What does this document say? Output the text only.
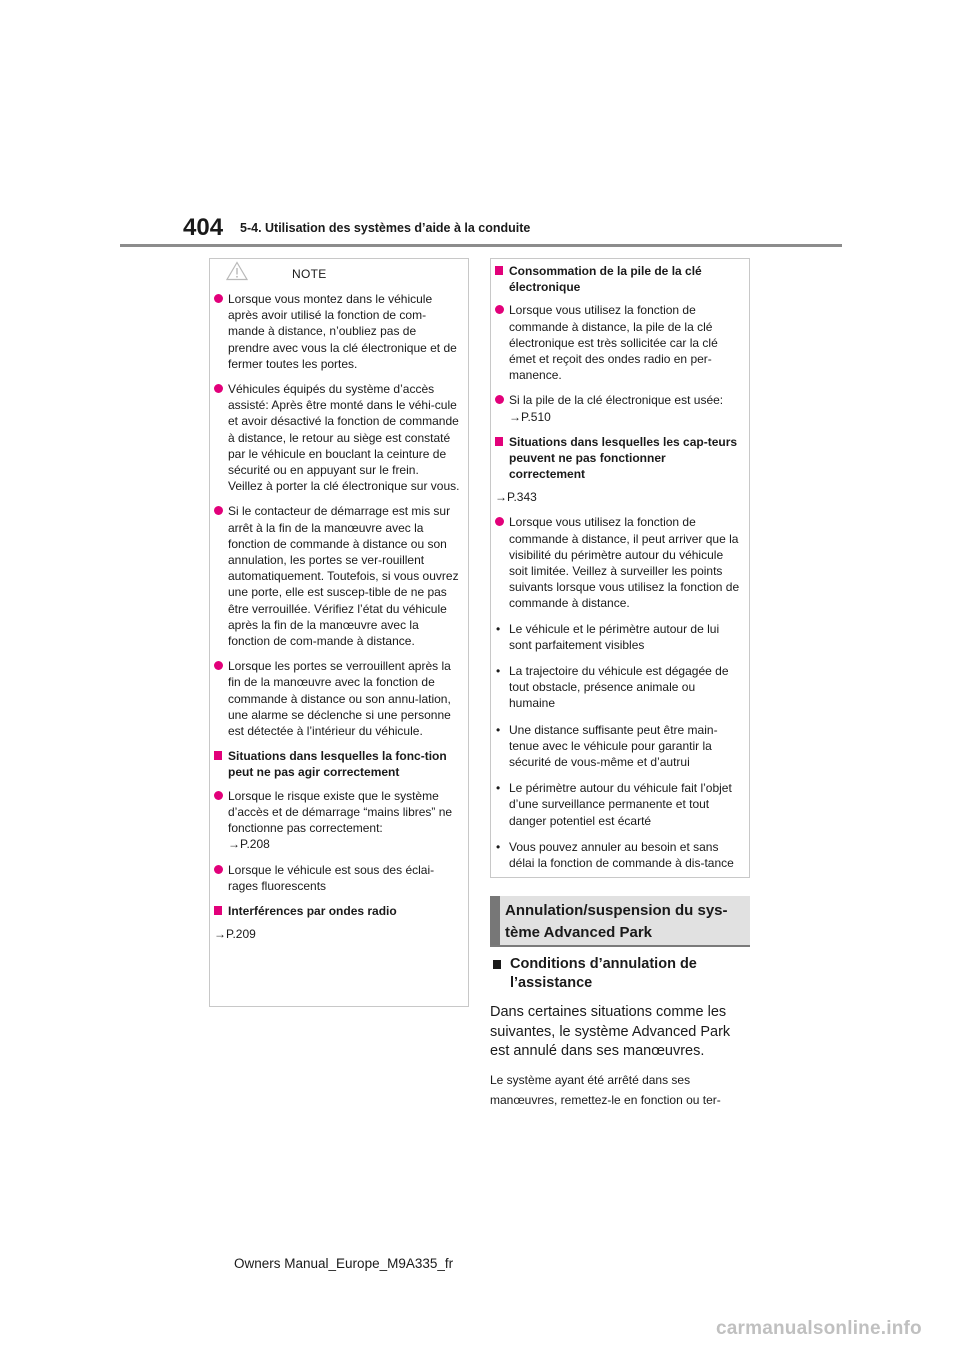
404 5-4. Utilisation des systèmes d’aide à la conduite
NOTE
Lorsque vous montez dans le véhicule après avoir utilisé la fonction de com-mande à distance, n’oubliez pas de prendre avec vous la clé électronique et de fermer toutes les portes.
Véhicules équipés du système d’accès assisté: Après être monté dans le véhi-cule et avoir désactivé la fonction de commande à distance, le retour au siège est constaté par le véhicule en bouclant la ceinture de sécurité ou en appuyant sur le frein.
Veillez à porter la clé électronique sur vous.
Si le contacteur de démarrage est mis sur arrêt à la fin de la manœuvre avec la fonction de commande à distance ou son annulation, les portes se ver-rouillent automatiquement. Toutefois, si vous ouvrez une porte, elle est suscep-tible de ne pas être verrouillée. Vérifiez l’état du véhicule après la fin de la manœuvre avec la fonction de com-mande à distance.
Lorsque les portes se verrouillent après la fin de la manœuvre avec la fonction de commande à distance ou son annu-lation, une alarme se déclenche si une personne est détectée à l’intérieur du véhicule.
Situations dans lesquelles la fonc-tion peut ne pas agir correctement
Lorsque le risque existe que le système d’accès et de démarrage “mains libres” ne fonctionne pas correctement:
→P.208
Lorsque le véhicule est sous des éclai-rages fluorescents
Interférences par ondes radio
→P.209
Consommation de la pile de la clé électronique
Lorsque vous utilisez la fonction de commande à distance, la pile de la clé électronique est très sollicitée car la clé émet et reçoit des ondes radio en per-manence.
Si la pile de la clé électronique est usée:
→P.510
Situations dans lesquelles les cap-teurs peuvent ne pas fonctionner correctement
→P.343
Lorsque vous utilisez la fonction de commande à distance, il peut arriver que la visibilité du périmètre autour du véhicule soit limitée. Veillez à surveiller les points suivants lorsque vous utilisez la fonction de commande à distance.
• Le véhicule et le périmètre autour de lui sont parfaitement visibles
• La trajectoire du véhicule est dégagée de tout obstacle, présence animale ou humaine
• Une distance suffisante peut être main-tenue avec le véhicule pour garantir la sécurité de vous-même et d’autrui
• Le périmètre autour du véhicule fait l’objet d’une surveillance permanente et tout danger potentiel est écarté
• Vous pouvez annuler au besoin et sans délai la fonction de commande à dis-tance
Annulation/suspension du sys-tème Advanced Park
Conditions d’annulation de l’assistance
Dans certaines situations comme les suivantes, le système Advanced Park est annulé dans ses manœuvres.
Le système ayant été arrêté dans ses manœuvres, remettez-le en fonction ou ter-
Owners Manual_Europe_M9A335_fr
carmanualsonline.info
